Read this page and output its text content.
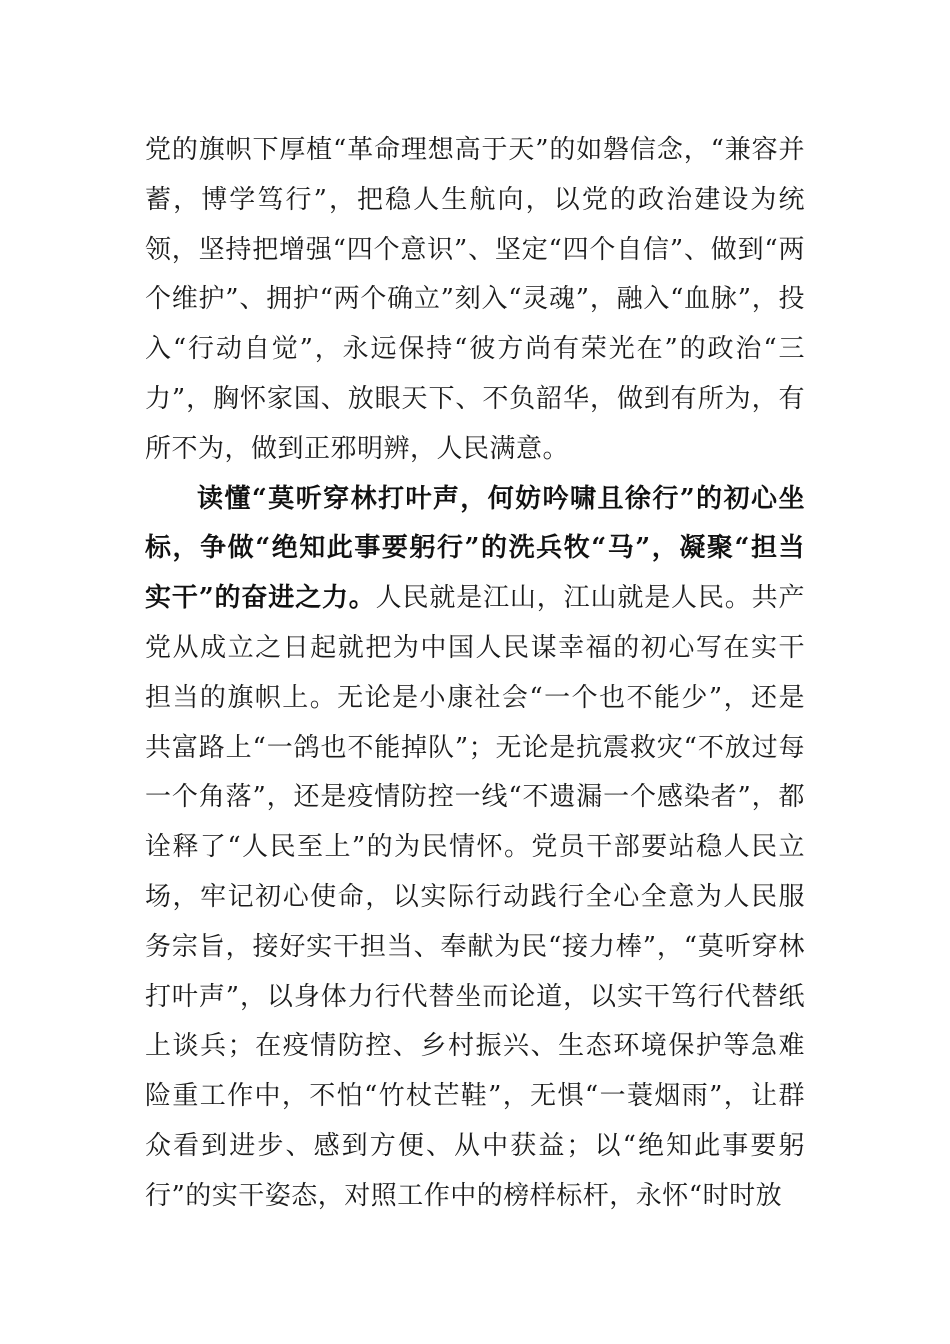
党的旗帜下厚植“革命理想高于天”的如磐信念，“兼容并蓄，博学笃行”，把稳人生航向，以党的政治建设为统领，坚持把增强“四个意识”、坚定“四个自信”、做到“两个维护”、拥护“两个确立”刻入“灵魂”，融入“血脉”，投入“行动自觉”，永远保持“彼方尚有荣光在”的政治“三力”，胸怀家国、放眼天下、不负韶华，做到有所为，有所不为，做到正邪明辨，人民满意。

读懂“莫听穿林打叶声，何妨吟啸且徐行”的初心坐标，争做“绝知此事要躬行”的洗兵牧“马”，凝聚“担当实干”的奋进之力。人民就是江山，江山就是人民。共产党从成立之日起就把为中国人民谋幸福的初心写在实干担当的旗帜上。无论是小康社会“一个也不能少”，还是共富路上“一鸽也不能掉队”；无论是抗震救灾“不放过每一个角落”，还是疫情防控一线“不遗漏一个感染者”，都诠释了“人民至上”的为民情怀。党员干部要站稳人民立场，牢记初心使命，以实际行动践行全心全意为人民服务宗旨，接好实干担当、奉献为民“接力棒”，“莫听穿林打叶声”，以身体力行代替坐而论道，以实干笃行代替纸上谈兵；在疫情防控、乡村振兴、生态环境保护等急难险重工作中，不怕“竹杖芒鞋”，无惧“一蓑烟雨”，让群众看到进步、感到方便、从中获益；以“绝知此事要躬行”的实干姿态，对照工作中的榜样标杆，永怀“时时放
